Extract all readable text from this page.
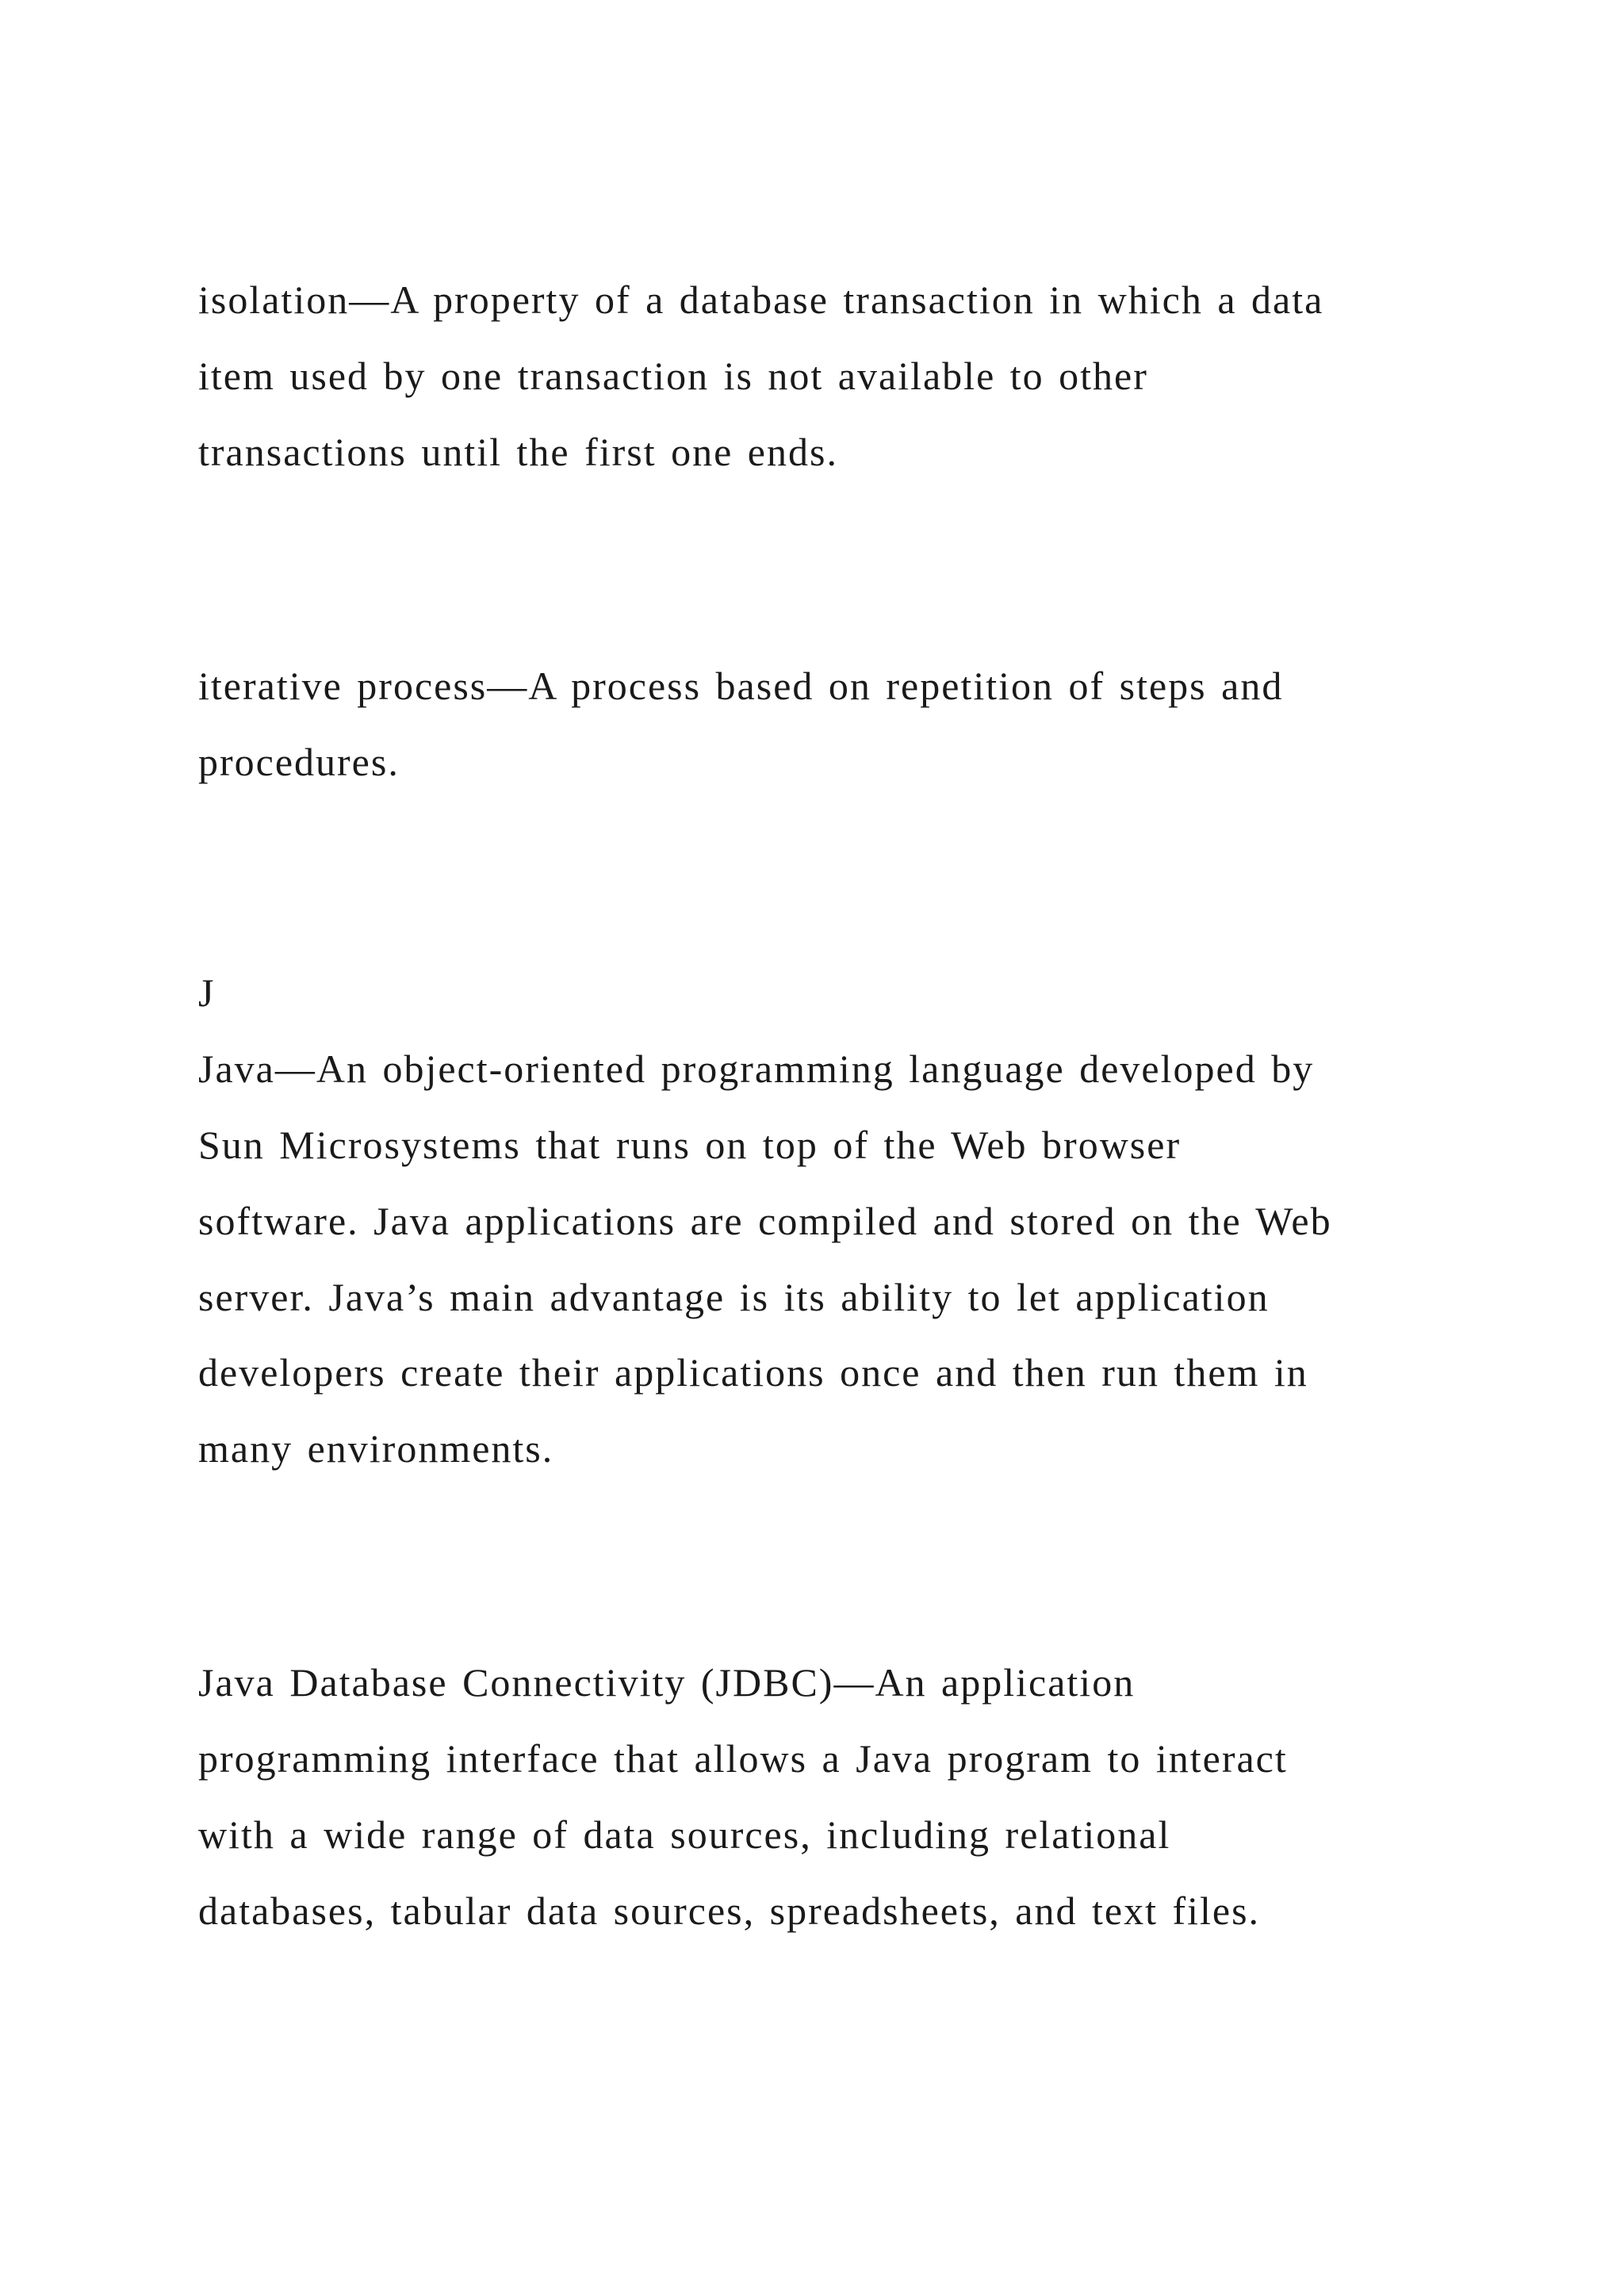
isolation—A property of a database transaction in which a data

item used by one transaction is not available to other

transactions until the first one ends.

iterative process—A process based on repetition of steps and

procedures.

J

Java—An object-oriented programming language developed by

Sun Microsystems that runs on top of the Web browser

software. Java applications are compiled and stored on the Web

server. Java’s main advantage is its ability to let application

developers create their applications once and then run them in

many environments.

Java Database Connectivity (JDBC)—An application

programming interface that allows a Java program to interact

with a wide range of data sources, including relational

databases, tabular data sources, spreadsheets, and text files.
